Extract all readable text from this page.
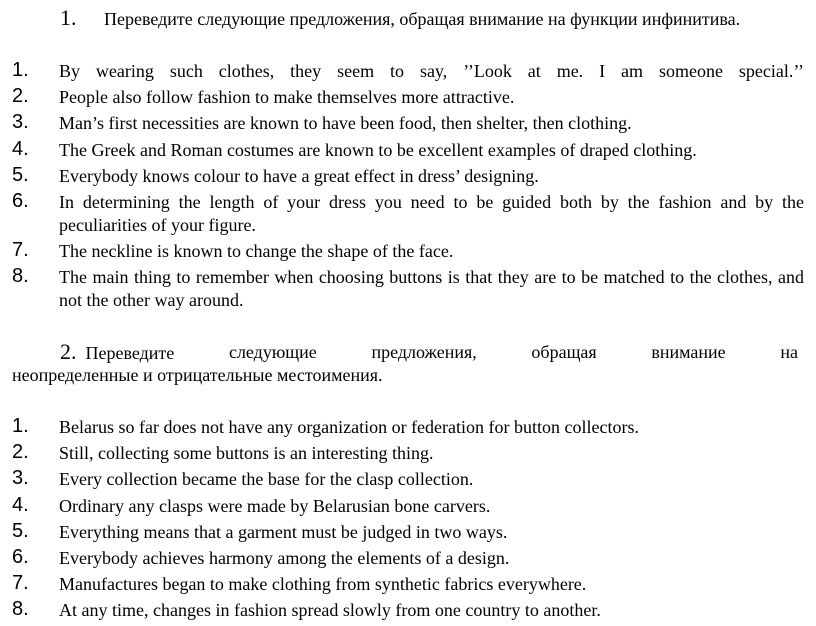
1. Переведите следующие предложения, обращая внимание на функции инфинитива.
1. By wearing such clothes, they seem to say, ’’Look at me. I am someone special.’’
2. People also follow fashion to make themselves more attractive.
3. Man’s first necessities are known to have been food, then shelter, then clothing.
4. The Greek and Roman costumes are known to be excellent examples of draped clothing.
5. Everybody knows colour to have a great effect in dress’ designing.
6. In determining the length of your dress you need to be guided both by the fashion and by the peculiarities of your figure.
7. The neckline is known to change the shape of the face.
8. The main thing to remember when choosing buttons is that they are to be matched to the clothes, and not the other way around.
2. Переведите	следующие	предложения,	обращая	внимание	на
неопределенные и отрицательные местоимения.
1. Belarus so far does not have any organization or federation for button collectors.
2. Still, collecting some buttons is an interesting thing.
3. Every collection became the base for the clasp collection.
4. Ordinary any clasps were made by Belarusian bone carvers.
5. Everything means that a garment must be judged in two ways.
6. Everybody achieves harmony among the elements of a design.
7. Manufactures began to make clothing from synthetic fabrics everywhere.
8. At any time, changes in fashion spread slowly from one country to another.
